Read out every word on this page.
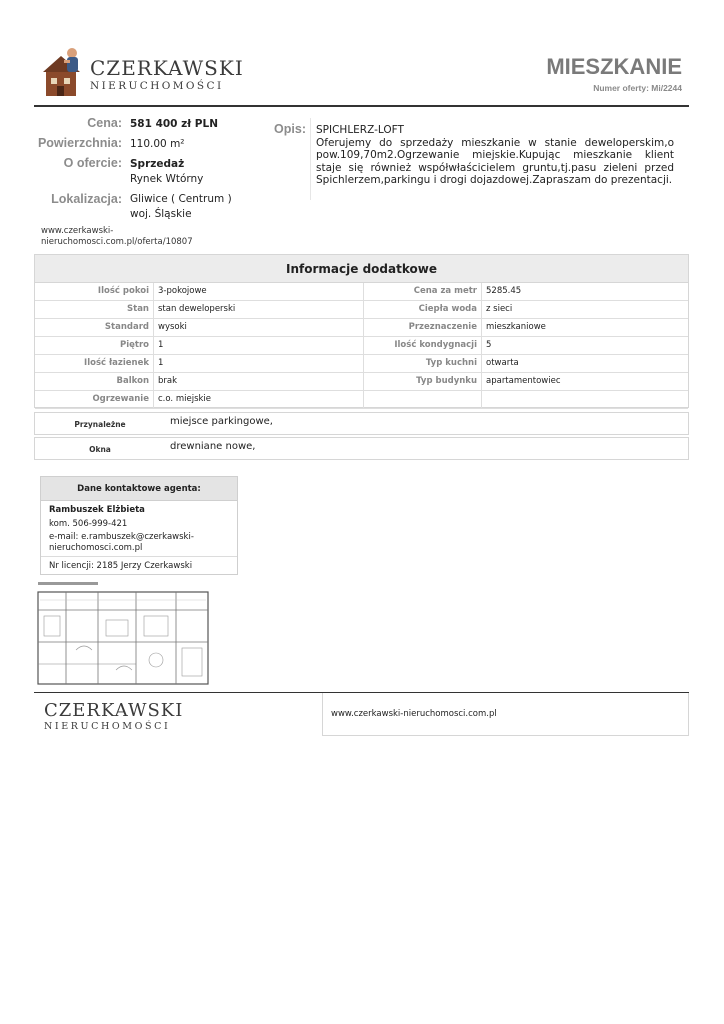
CZERKAWSKI
NIERUCHOMOŚCI
MIESZKANIE
Numer oferty: Mi/2244
Cena: 581 400 zł PLN
Powierzchnia: 110.00 m²
O ofercie: Sprzedaż
Rynek Wtórny
Lokalizacja: Gliwice ( Centrum )
woj. Śląskie
www.czerkawski-nieruchomosci.com.pl/oferta/10807
Opis: SPICHLERZ-LOFT
Oferujemy do sprzedaży mieszkanie w stanie deweloperskim,o pow.109,70m2.Ogrzewanie miejskie.Kupując mieszkanie klient staje się również współwłaścicielem gruntu,tj.pasu zieleni przed Spichlerzem,parkingu i drogi dojazdowej.Zapraszam do prezentacji.
Informacje dodatkowe
Ilość pokoi	3-pokojowe	Cena za metr	5285.45
Stan	stan deweloperski	Ciepła woda	z sieci
Standard	wysoki	Przeznaczenie	mieszkaniowe
Piętro	1	Ilość kondygnacji	5
Ilość łazienek	1	Typ kuchni	otwarta
Balkon	brak	Typ budynku	apartamentowiec
Ogrzewanie	c.o. miejskie
Przynależne	miejsce parkingowe,
Okna	drewniane nowe,
Dane kontaktowe agenta:
Rambuszek Elżbieta
kom. 506-999-421
e-mail: e.rambuszek@czerkawski-
nieruchomosci.com.pl
Nr licencji: 2185 Jerzy Czerkawski
CZERKAWSKI
NIERUCHOMOŚCI
www.czerkawski-nieruchomosci.com.pl
